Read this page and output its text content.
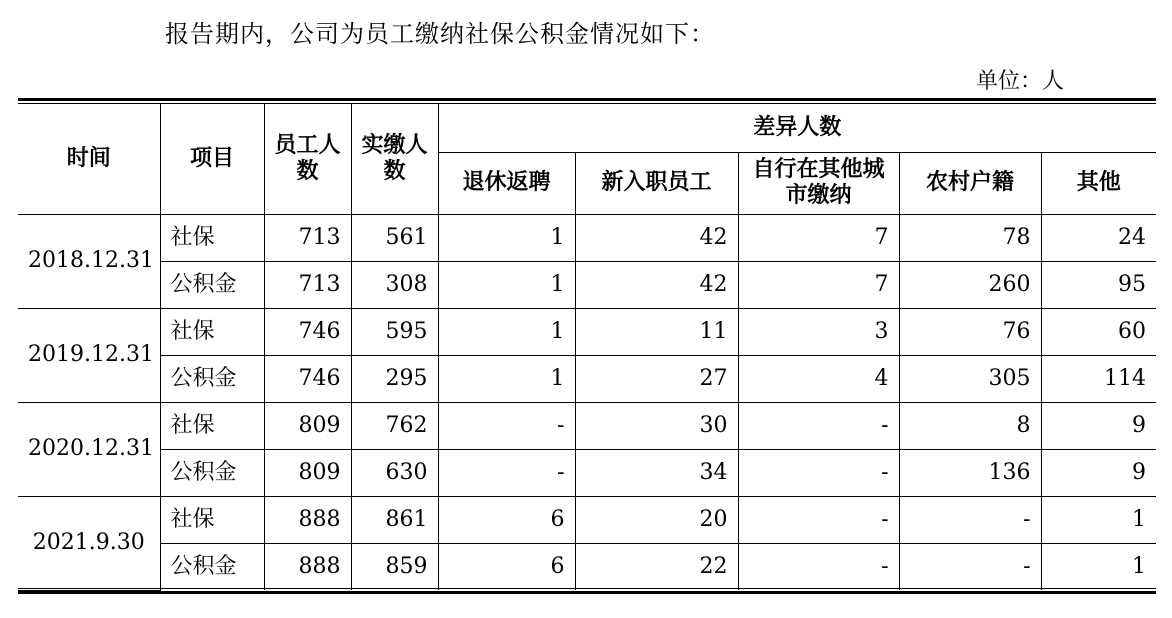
报告期内，公司为员工缴纳社保公积金情况如下：
单位：人
时间	项目	员工人数	实缴人数	差异人数				
				退休返聘	新入职员工	自行在其他城市缴纳	农村户籍	其他
2018.12.31	社保	713	561	1	42	7	78	24
	公积金	713	308	1	42	7	260	95
2019.12.31	社保	746	595	1	11	3	76	60
	公积金	746	295	1	27	4	305	114
2020.12.31	社保	809	762	-	30	-	8	9
	公积金	809	630	-	34	-	136	9
2021.9.30	社保	888	861	6	20	-	-	1
	公积金	888	859	6	22	-	-	1
